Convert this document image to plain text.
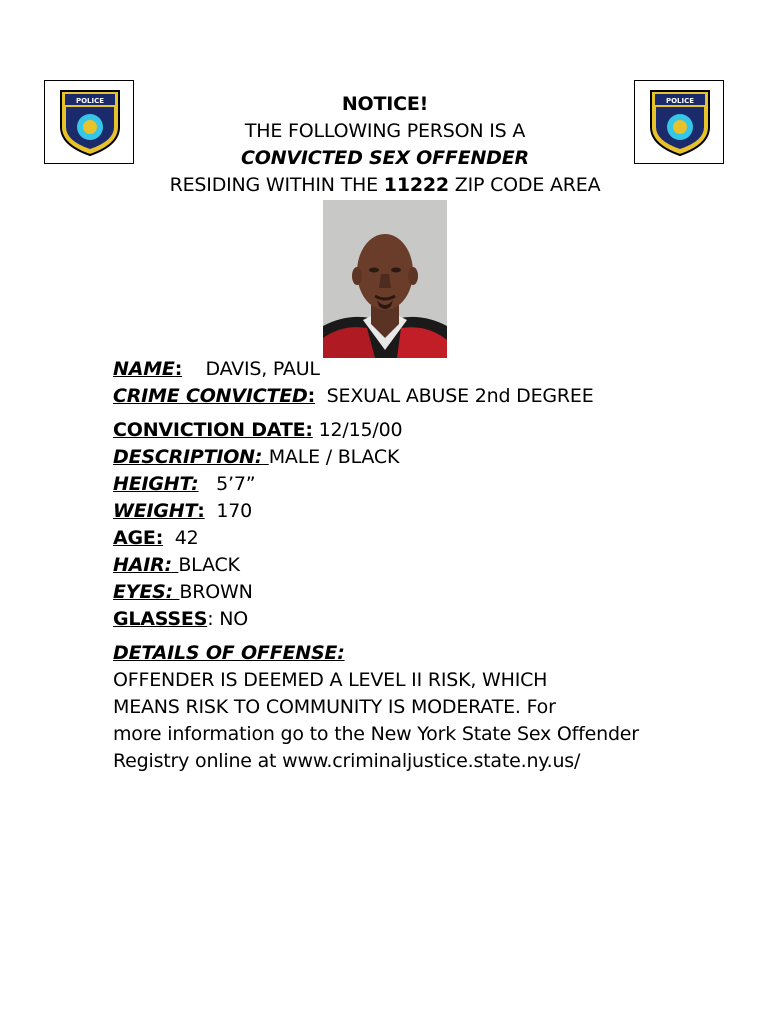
POLICE	POLICE
NOTICE!
THE FOLLOWING PERSON IS A
CONVICTED SEX OFFENDER
RESIDING WITHIN THE 11222 ZIP CODE AREA
NAME: DAVIS, PAUL
CRIME CONVICTED: SEXUAL ABUSE 2nd DEGREE
CONVICTION DATE: 12/15/00
DESCRIPTION: MALE / BLACK
HEIGHT: 5’7”
WEIGHT: 170
AGE: 42
HAIR: BLACK
EYES: BROWN
GLASSES: NO
DETAILS OF OFFENSE:
OFFENDER IS DEEMED A LEVEL II RISK, WHICH
MEANS RISK TO COMMUNITY IS MODERATE. For
more information go to the New York State Sex Offender
Registry online at www.criminaljustice.state.ny.us/
